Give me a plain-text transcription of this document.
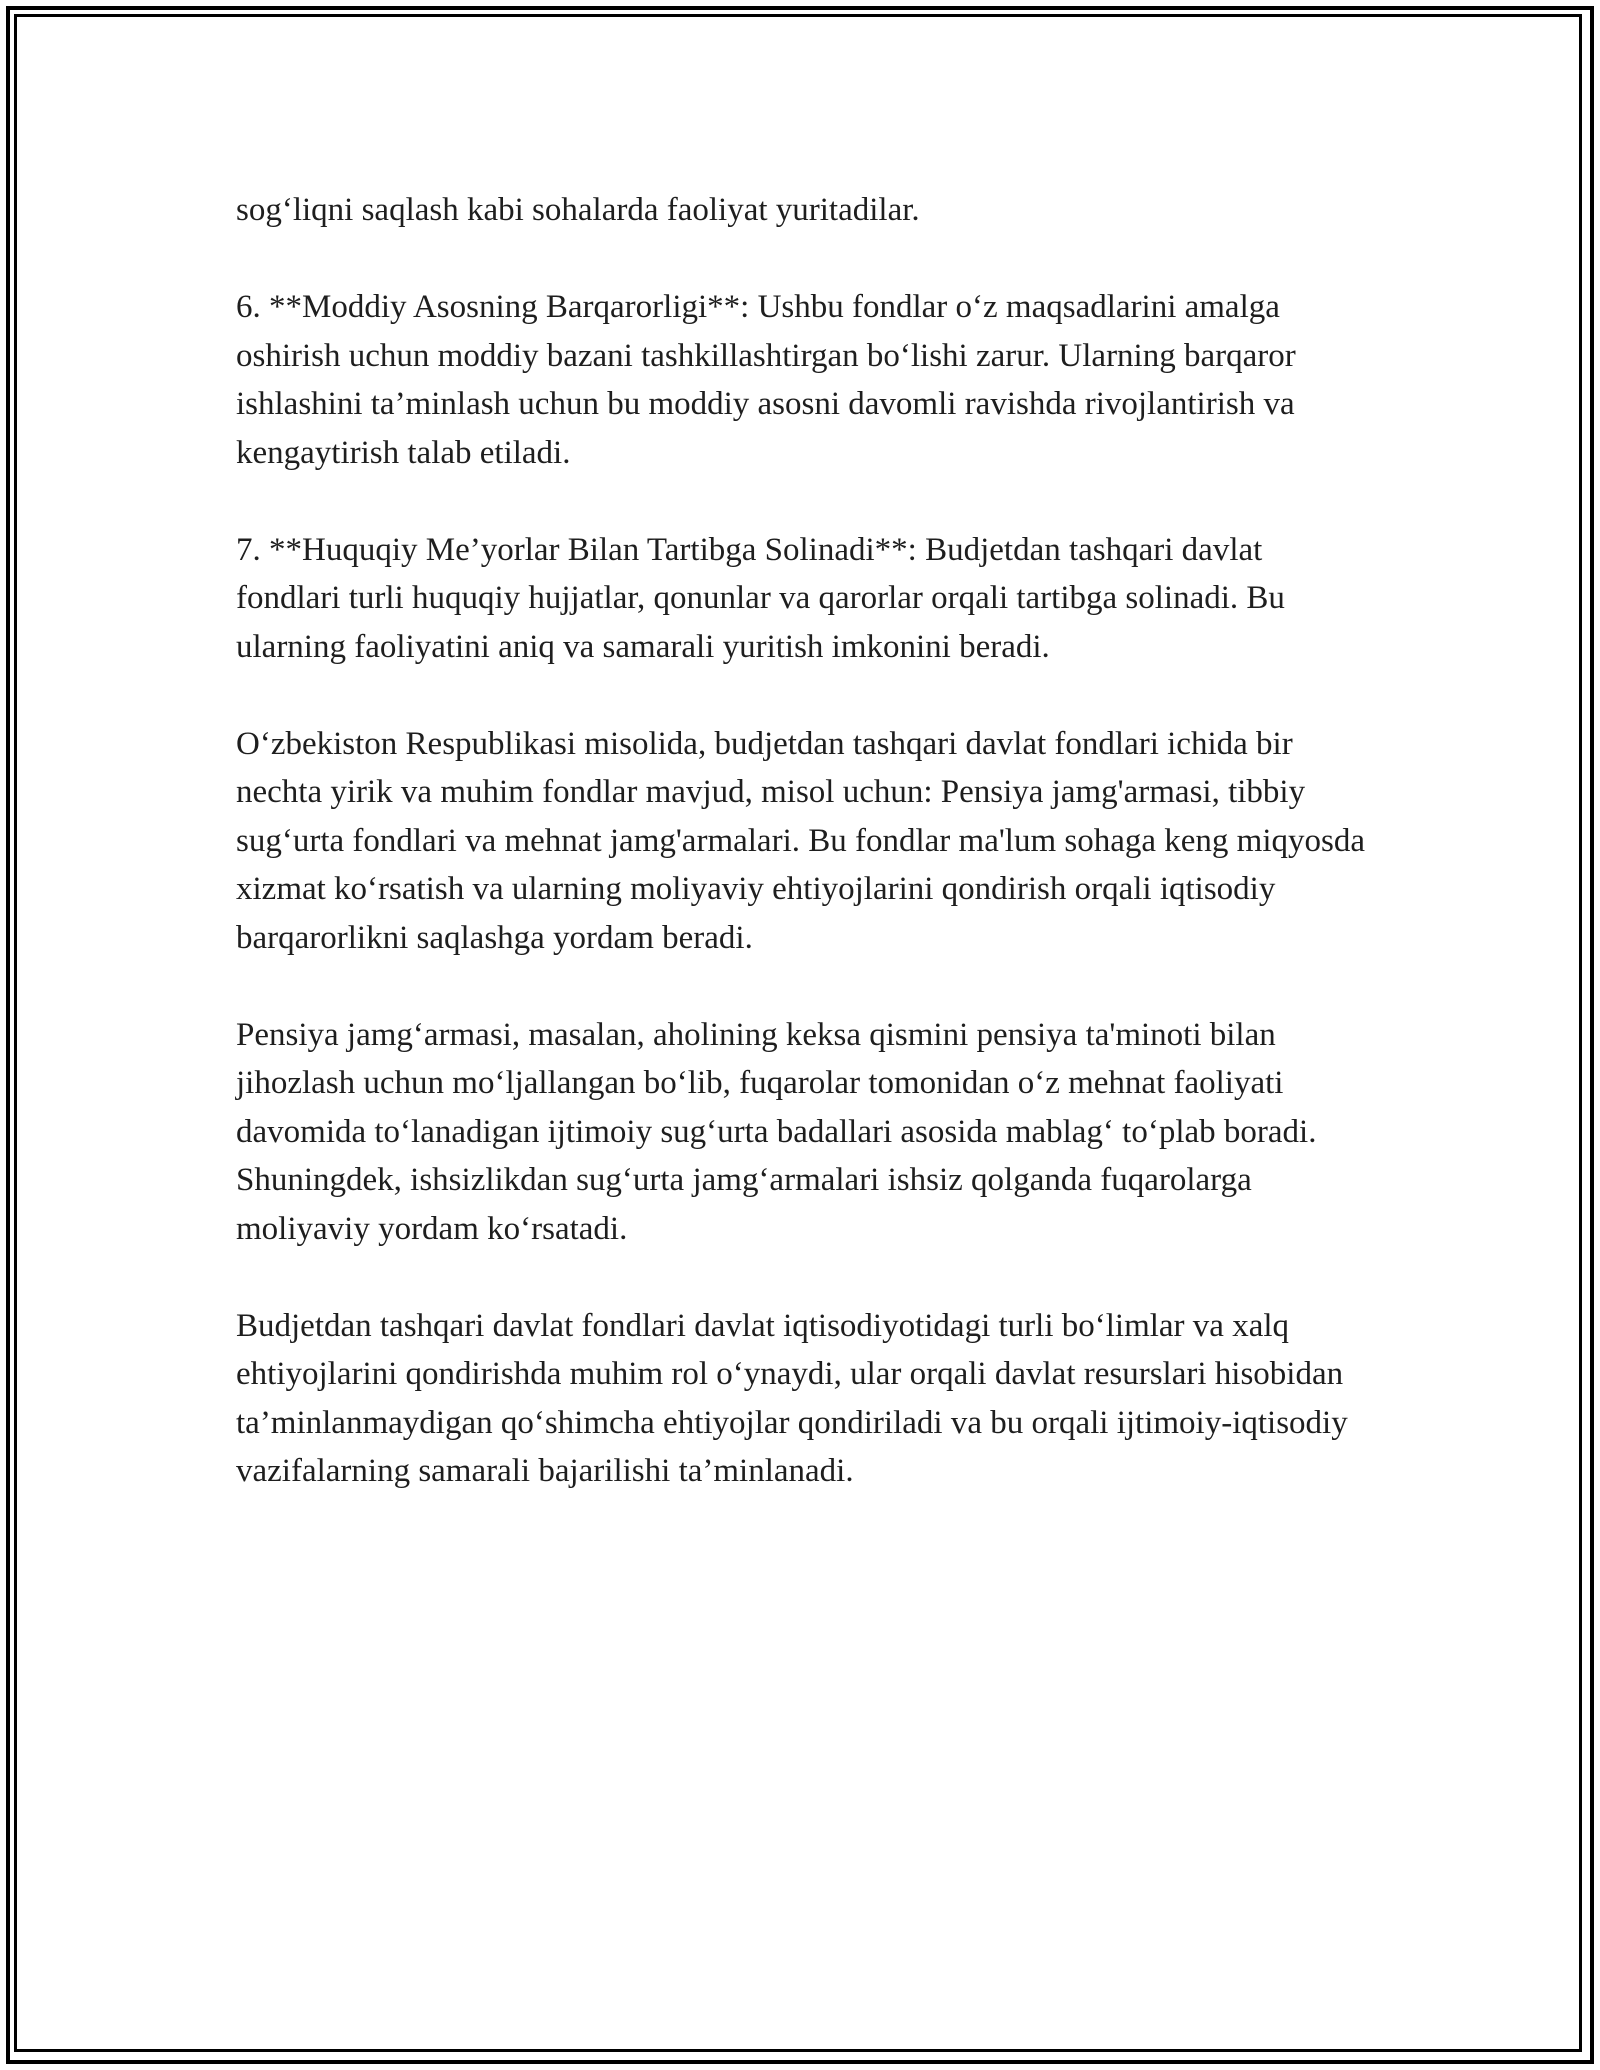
sog‘liqni saqlash kabi sohalarda faoliyat yuritadilar.

6. **Moddiy Asosning Barqarorligi**: Ushbu fondlar o‘z maqsadlarini amalga oshirish uchun moddiy bazani tashkillashtirgan bo‘lishi zarur. Ularning barqaror ishlashini ta’minlash uchun bu moddiy asosni davomli ravishda rivojlantirish va kengaytirish talab etiladi.

7. **Huquqiy Me’yorlar Bilan Tartibga Solinadi**: Budjetdan tashqari davlat fondlari turli huquqiy hujjatlar, qonunlar va qarorlar orqali tartibga solinadi. Bu ularning faoliyatini aniq va samarali yuritish imkonini beradi.

O‘zbekiston Respublikasi misolida, budjetdan tashqari davlat fondlari ichida bir nechta yirik va muhim fondlar mavjud, misol uchun: Pensiya jamg'armasi, tibbiy sug‘urta fondlari va mehnat jamg'armalari. Bu fondlar ma'lum sohaga keng miqyosda xizmat ko‘rsatish va ularning moliyaviy ehtiyojlarini qondirish orqali iqtisodiy barqarorlikni saqlashga yordam beradi.

Pensiya jamg‘armasi, masalan, aholining keksa qismini pensiya ta'minoti bilan jihozlash uchun mo‘ljallangan bo‘lib, fuqarolar tomonidan o‘z mehnat faoliyati davomida to‘lanadigan ijtimoiy sug‘urta badallari asosida mablag‘ to‘plab boradi. Shuningdek, ishsizlikdan sug‘urta jamg‘armalari ishsiz qolganda fuqarolarga moliyaviy yordam ko‘rsatadi.

Budjetdan tashqari davlat fondlari davlat iqtisodiyotidagi turli bo‘limlar va xalq ehtiyojlarini qondirishda muhim rol o‘ynaydi, ular orqali davlat resurslari hisobidan ta’minlanmaydigan qo‘shimcha ehtiyojlar qondiriladi va bu orqali ijtimoiy-iqtisodiy vazifalarning samarali bajarilishi ta’minlanadi.
